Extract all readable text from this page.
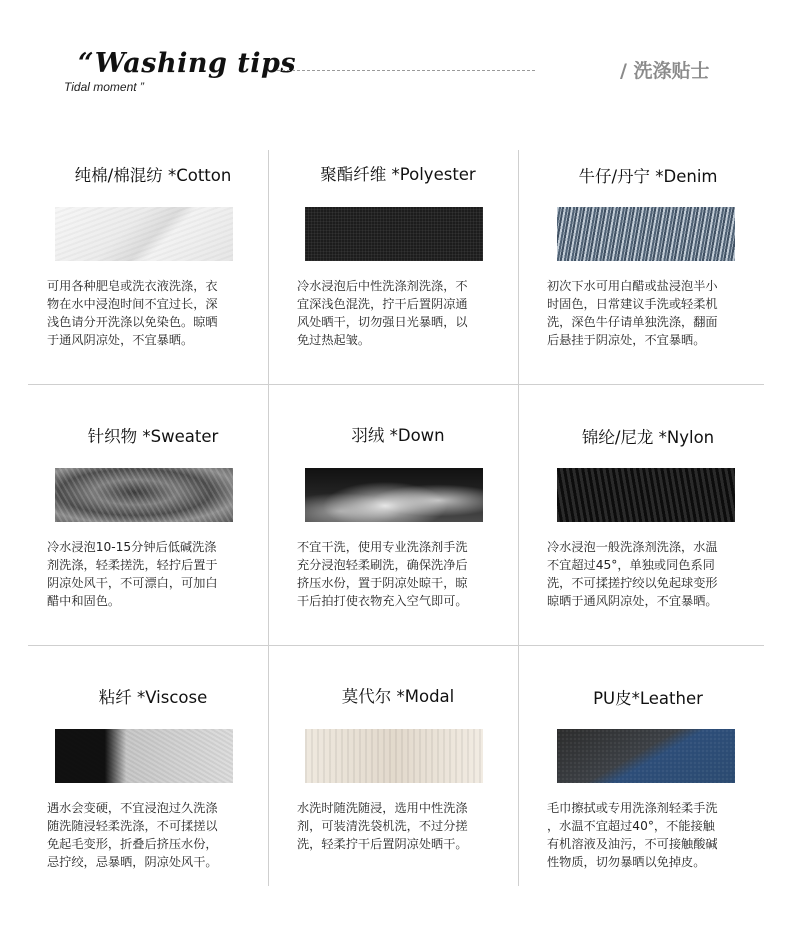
“Washing tips
Tidal moment ”
/ 洗涤贴士
纯棉/棉混纺 *Cotton
可用各种肥皂或洗衣液洗涤，衣
物在水中浸泡时间不宜过长，深
浅色请分开洗涤以免染色。晾晒
于通风阴凉处，不宜暴晒。
聚酯纤维 *Polyester
冷水浸泡后中性洗涤剂洗涤，不
宜深浅色混洗，拧干后置阴凉通
风处晒干，切勿强日光暴晒，以
免过热起皱。
牛仔/丹宁 *Denim
初次下水可用白醋或盐浸泡半小
时固色，日常建议手洗或轻柔机
洗，深色牛仔请单独洗涤，翻面
后悬挂于阴凉处，不宜暴晒。
针织物 *Sweater
冷水浸泡10-15分钟后低碱洗涤
剂洗涤，轻柔搓洗，轻拧后置于
阴凉处风干，不可漂白，可加白
醋中和固色。
羽绒 *Down
不宜干洗，使用专业洗涤剂手洗
充分浸泡轻柔刷洗，确保洗净后
挤压水份，置于阴凉处晾干，晾
干后拍打使衣物充入空气即可。
锦纶/尼龙 *Nylon
冷水浸泡一般洗涤剂洗涤，水温
不宜超过45°，单独或同色系同
洗，不可揉搓拧绞以免起球变形
晾晒于通风阴凉处，不宜暴晒。
粘纤 *Viscose
遇水会变硬，不宜浸泡过久洗涤
随洗随浸轻柔洗涤，不可揉搓以
免起毛变形，折叠后挤压水份，
忌拧绞，忌暴晒，阴凉处风干。
莫代尔 *Modal
水洗时随洗随浸，选用中性洗涤
剂，可装清洗袋机洗，不过分搓
洗，轻柔拧干后置阴凉处晒干。
PU皮*Leather
毛巾擦拭或专用洗涤剂轻柔手洗
，水温不宜超过40°，不能接触
有机溶液及油污，不可接触酸碱
性物质，切勿暴晒以免掉皮。
